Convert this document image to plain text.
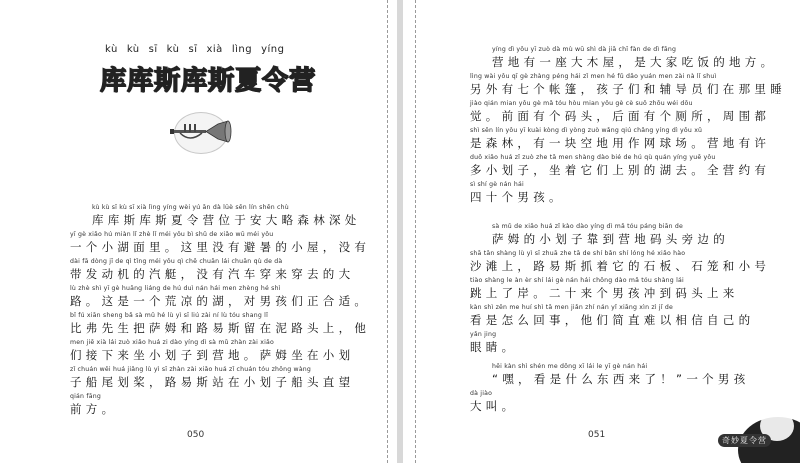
kù kù sī kù sī xià lìng yíng
库库斯库斯夏令营
kù kù sī kù sī xià lìng yíng wèi yú ān dà lüè sēn lín shēn chù
库库斯库斯夏令营位于安大略森林深处
yī gè xiǎo hú miàn lǐ zhè lǐ méi yǒu bì shǔ de xiǎo wū méi yǒu
一个小湖面里。这里没有避暑的小屋，没有
dài fā dòng jī de qì tǐng méi yǒu qì chē chuān lái chuān qù de dà
带发动机的汽艇，没有汽车穿来穿去的大
lù zhè shì yī gè huāng liáng de hú duì nán hái men zhèng hé shì
路。这是一个荒凉的湖，对男孩们正合适。
bǐ fú xiān sheng bǎ sà mǔ hé lù yì sī liú zài ní lù tóu shang lǐ
比弗先生把萨姆和路易斯留在泥路头上，他
men jiē xià lái zuò xiǎo huá zi dào yíng dì sà mǔ zhàn zài xiǎo
们接下来坐小划子到营地。萨姆坐在小划
zǐ chuán wěi huá jiǎng lù yì sī zhàn zài xiǎo huá zǐ chuán tóu zhōng wàng
子船尾划桨，路易斯站在小划子船头直望
qián fāng
前方。
050
yíng dì yǒu yī zuò dà mù wū shì dà jiā chī fàn de dì fāng
营地有一座大木屋，是大家吃饭的地方。
lìng wài yǒu qī gè zhàng péng hái zǐ men hé fǔ dǎo yuán men zài nà lǐ shuì
另外有七个帐篷，孩子们和辅导员们在那里睡
jiào qián mian yǒu gè mǎ tóu hòu mian yǒu gè cè suǒ zhōu wéi dōu
觉。前面有个码头，后面有个厕所，周围都
shì sēn lín yǒu yī kuài kòng dì yòng zuò wǎng qiú chǎng yíng dì yǒu xǔ
是森林，有一块空地用作网球场。营地有许
duō xiǎo huá zǐ zuò zhe tā men shàng dào bié de hú qù quán yíng yuē yǒu
多小划子，坐着它们上别的湖去。全营约有
sì shí gè nán hái
四十个男孩。
sà mǔ de xiǎo huá zǐ kào dào yíng dì mǎ tóu páng biān de
萨姆的小划子靠到营地码头旁边的
shā tān shàng lù yì sī zhuā zhe tā de shí bǎn shí lóng hé xiǎo hào
沙滩上，路易斯抓着它的石板、石笼和小号
tiào shàng le àn èr shí lái gè nán hái chōng dào mǎ tóu shàng lái
跳上了岸。二十来个男孩冲到码头上来
kàn shì zěn me huí shì tā men jiǎn zhí nán yǐ xiāng xìn zì jǐ de
看是怎么回事，他们简直难以相信自己的
yǎn jing
眼睛。
hēi kàn shì shén me dōng xī lái le yī gè nán hái
“嘿，看是什么东西来了！”一个男孩
dà jiào
大叫。
051
奇妙夏令营
